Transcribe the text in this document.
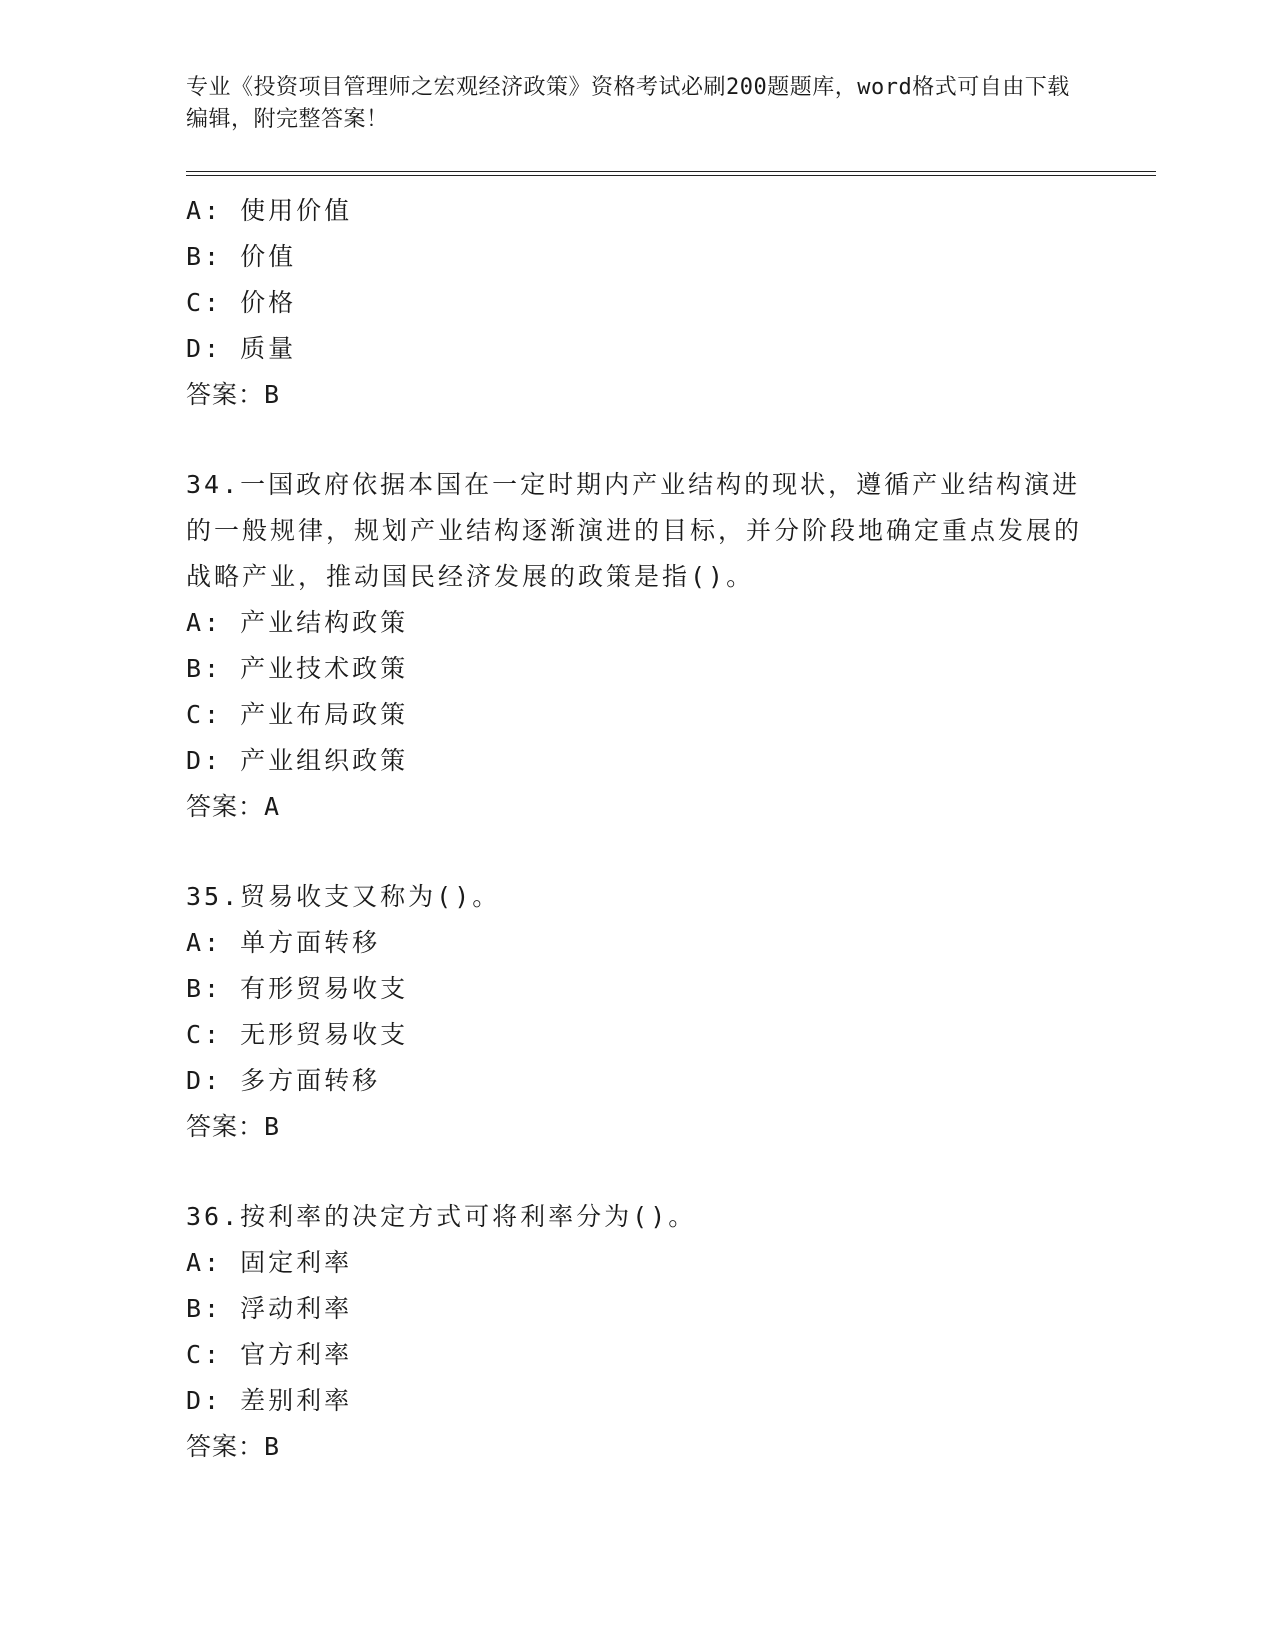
专业《投资项目管理师之宏观经济政策》资格考试必刷200题题库，word格式可自由下载编辑，附完整答案！
A: 使用价值
B: 价值
C: 价格
D: 质量
答案：B
34.一国政府依据本国在一定时期内产业结构的现状，遵循产业结构演进的一般规律，规划产业结构逐渐演进的目标，并分阶段地确定重点发展的战略产业，推动国民经济发展的政策是指()。
A: 产业结构政策
B: 产业技术政策
C: 产业布局政策
D: 产业组织政策
答案：A
35.贸易收支又称为()。
A: 单方面转移
B: 有形贸易收支
C: 无形贸易收支
D: 多方面转移
答案：B
36.按利率的决定方式可将利率分为()。
A: 固定利率
B: 浮动利率
C: 官方利率
D: 差别利率
答案：B
